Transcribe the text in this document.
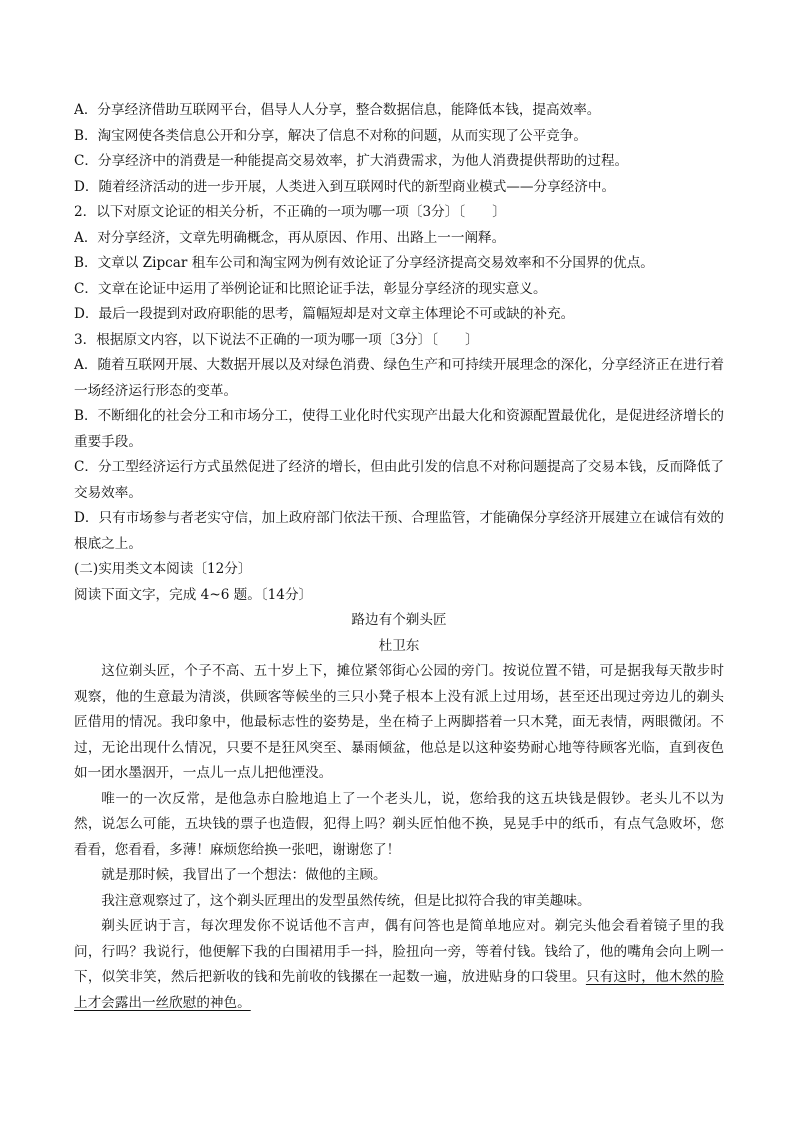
A．分享经济借助互联网平台，倡导人人分享，整合数据信息，能降低本钱，提高效率。
B．淘宝网使各类信息公开和分享，解决了信息不对称的问题，从而实现了公平竞争。
C．分享经济中的消费是一种能提高交易效率，扩大消费需求，为他人消费提供帮助的过程。
D．随着经济活动的进一步开展，人类进入到互联网时代的新型商业模式——分享经济中。
2．以下对原文论证的相关分析，不正确的一项为哪一项〔3分〕〔　　〕
A．对分享经济，文章先明确概念，再从原因、作用、出路上一一阐释。
B．文章以 Zipcar 租车公司和淘宝网为例有效论证了分享经济提高交易效率和不分国界的优点。
C．文章在论证中运用了举例论证和比照论证手法，彰显分享经济的现实意义。
D．最后一段提到对政府职能的思考，篇幅短却是对文章主体理论不可或缺的补充。
3．根据原文内容，以下说法不正确的一项为哪一项〔3分〕〔　　〕
A．随着互联网开展、大数据开展以及对绿色消费、绿色生产和可持续开展理念的深化，分享经济正在进行着一场经济运行形态的变革。
B．不断细化的社会分工和市场分工，使得工业化时代实现产出最大化和资源配置最优化，是促进经济增长的重要手段。
C．分工型经济运行方式虽然促进了经济的增长，但由此引发的信息不对称问题提高了交易本钱，反而降低了交易效率。
D．只有市场参与者老实守信，加上政府部门依法干预、合理监管，才能确保分享经济开展建立在诚信有效的根底之上。
(二)实用类文本阅读〔12分〕
阅读下面文字，完成 4~6 题。〔14分〕
路边有个剃头匠
杜卫东
这位剃头匠，个子不高、五十岁上下，摊位紧邻街心公园的旁门。按说位置不错，可是据我每天散步时观察，他的生意最为清淡，供顾客等候坐的三只小凳子根本上没有派上过用场，甚至还出现过旁边儿的剃头匠借用的情况。我印象中，他最标志性的姿势是，坐在椅子上两脚搭着一只木凳，面无表情，两眼微闭。不过，无论出现什么情况，只要不是狂风突至、暴雨倾盆，他总是以这种姿势耐心地等待顾客光临，直到夜色如一团水墨洇开，一点儿一点儿把他湮没。
唯一的一次反常，是他急赤白脸地追上了一个老头儿，说，您给我的这五块钱是假钞。老头儿不以为然，说怎么可能，五块钱的票子也造假，犯得上吗？剃头匠怕他不换，晃晃手中的纸币，有点气急败坏，您看看，您看看，多薄！麻烦您给换一张吧，谢谢您了！
就是那时候，我冒出了一个想法：做他的主顾。
我注意观察过了，这个剃头匠理出的发型虽然传统，但是比拟符合我的审美趣味。
剃头匠讷于言，每次理发你不说话他不言声，偶有问答也是简单地应对。剃完头他会看着镜子里的我问，行吗？我说行，他便解下我的白围裙用手一抖，脸扭向一旁，等着付钱。钱给了，他的嘴角会向上咧一下，似笑非笑，然后把新收的钱和先前收的钱摞在一起数一遍，放进贴身的口袋里。只有这时，他木然的脸上才会露出一丝欣慰的神色。
